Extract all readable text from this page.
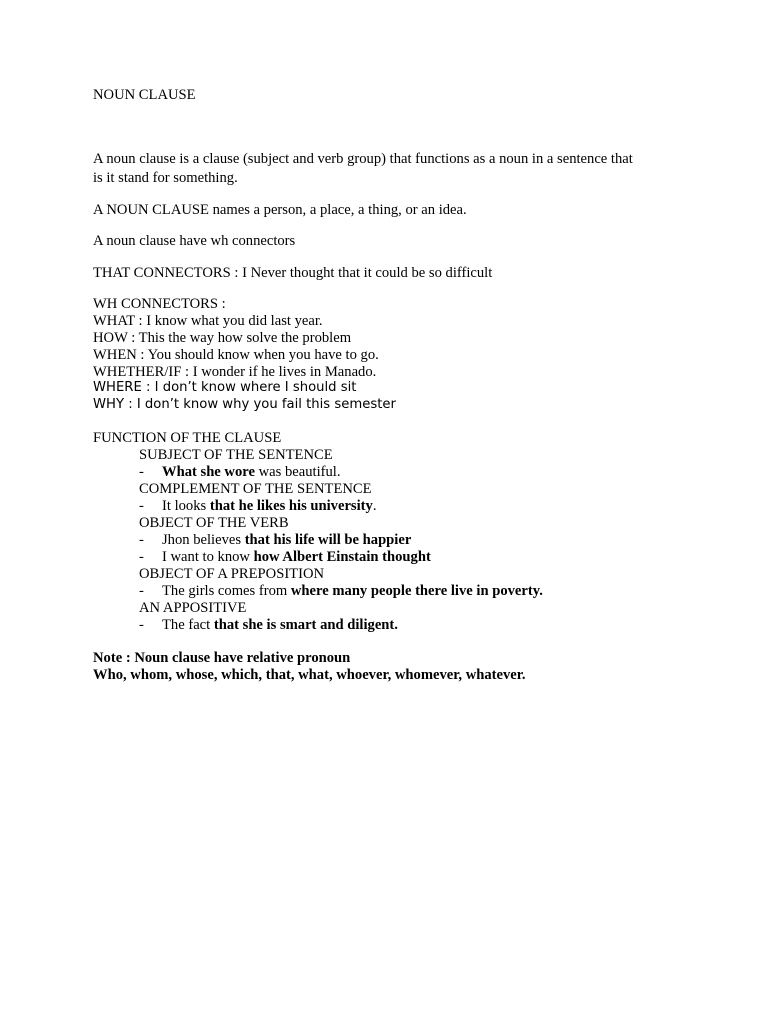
NOUN CLAUSE
A noun clause is a clause (subject and verb group) that functions as a noun in a sentence that
is it stand for something.
A NOUN CLAUSE names a person, a place, a thing, or an idea.
A noun clause have wh connectors
THAT CONNECTORS : I Never thought that it could be so difficult
WH CONNECTORS :
WHAT : I know what you did last year.
HOW : This the way how solve the problem
WHEN : You should know when you have to go.
WHETHER/IF : I wonder if he lives in Manado.
WHERE : I don’t know where I should sit
WHY : I don’t know why you fail this semester
FUNCTION OF THE CLAUSE
SUBJECT OF THE SENTENCE
- What she wore was beautiful.
COMPLEMENT OF THE SENTENCE
- It looks that he likes his university.
OBJECT OF THE VERB
- Jhon believes that his life will be happier
- I want to know how Albert Einstain thought
OBJECT OF A PREPOSITION
- The girls comes from where many people there live in poverty.
AN APPOSITIVE
- The fact that she is smart and diligent.
Note : Noun clause have relative pronoun
Who, whom, whose, which, that, what, whoever, whomever, whatever.
